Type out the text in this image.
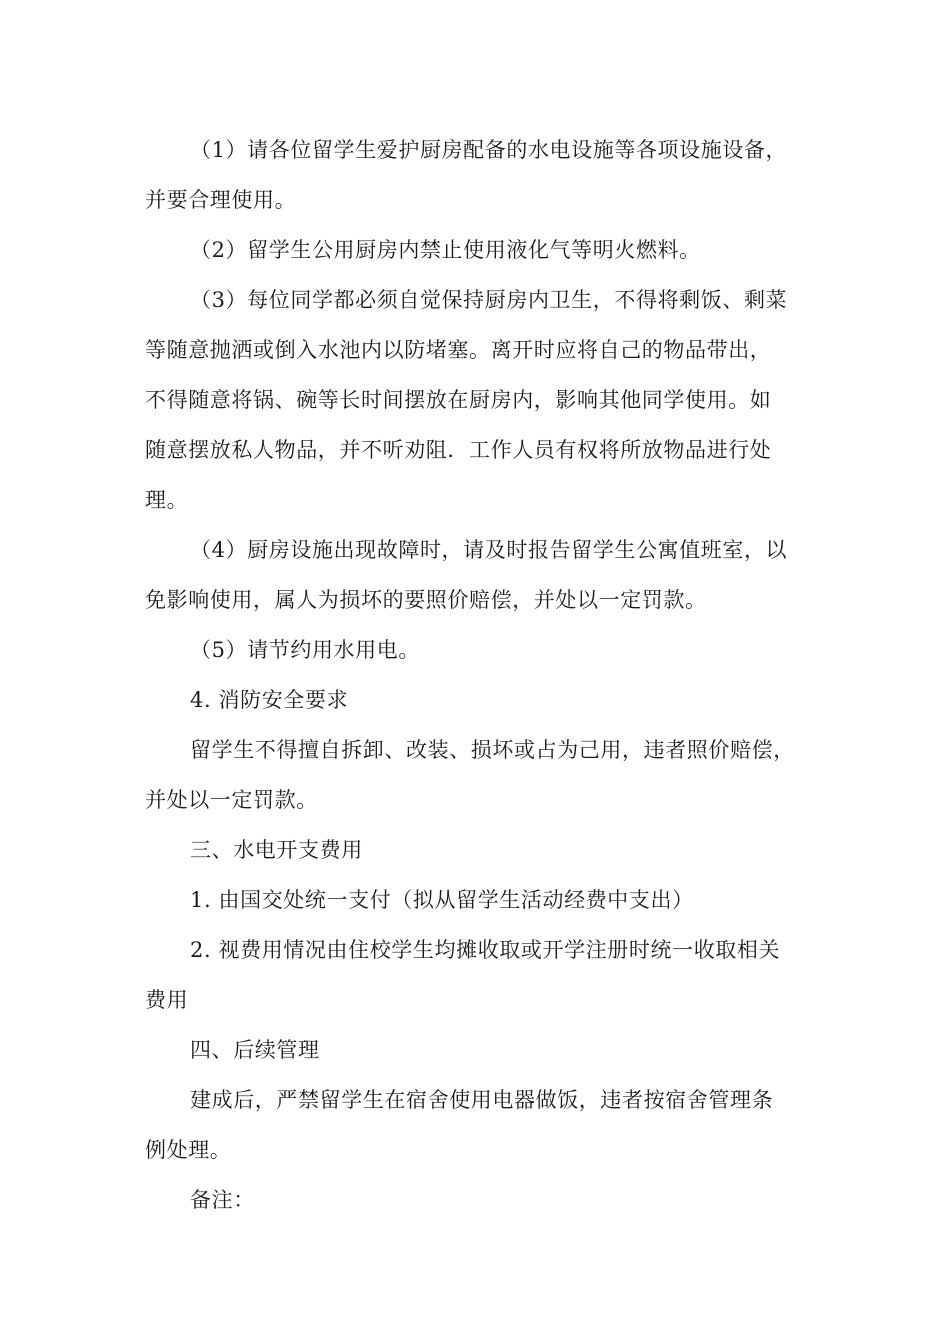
（1）请各位留学生爱护厨房配备的水电设施等各项设施设备，
并要合理使用。
（2）留学生公用厨房内禁止使用液化气等明火燃料。
（3）每位同学都必须自觉保持厨房内卫生，不得将剩饭、剩菜
等随意抛洒或倒入水池内以防堵塞。离开时应将自己的物品带出，
不得随意将锅、碗等长时间摆放在厨房内，影响其他同学使用。如
随意摆放私人物品，并不听劝阻．工作人员有权将所放物品进行处
理。
（4）厨房设施出现故障时，请及时报告留学生公寓值班室，以
免影响使用，属人为损坏的要照价赔偿，并处以一定罚款。
（5）请节约用水用电。
4. 消防安全要求
留学生不得擅自拆卸、改装、损坏或占为己用，违者照价赔偿，
并处以一定罚款。
三、水电开支费用
1. 由国交处统一支付（拟从留学生活动经费中支出）
2. 视费用情况由住校学生均摊收取或开学注册时统一收取相关
费用
四、后续管理
建成后，严禁留学生在宿舍使用电器做饭，违者按宿舍管理条
例处理。
备注：
